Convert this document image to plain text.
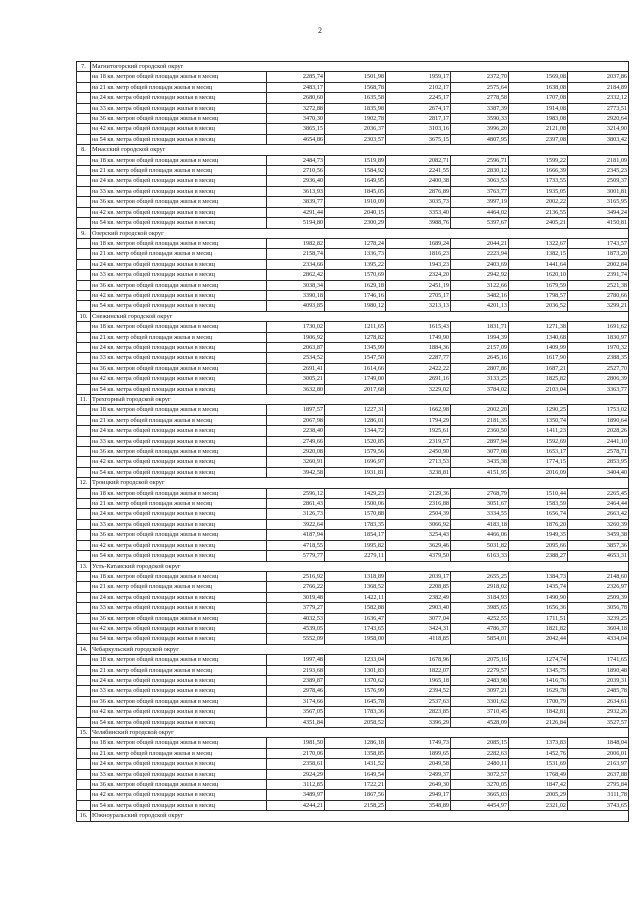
2
7.	Магнитогорский городской округ						
	на 18 кв. метров общей площади жилья в месяц	2285,74	1501,98	1959,17	2372,70	1569,08	2037,86
	на 21 кв. метр общей площади жилья в месяц	2483,17	1568,78	2102,17	2575,64	1638,08	2184,89
	на 24 кв. метра общей площади жилья в месяц	2680,60	1635,58	2245,17	2778,58	1707,08	2332,12
	на 33 кв. метра общей площади жилья в месяц	3272,88	1835,98	2674,17	3387,39	1914,08	2773,51
	на 36 кв. метров общей площади жилья в месяц	3470,30	1902,78	2817,17	3590,33	1983,08	2920,64
	на 42 кв. метра общей площади жилья в месяц	3865,15	2036,37	3103,16	3996,20	2121,08	3214,90
	на 54 кв. метра общей площади жилья в месяц	4654,86	2303,57	3675,15	4807,95	2397,08	3803,42
8.	Миасский городской округ						
	на 18 кв. метров общей площади жилья в месяц	2484,73	1519,89	2082,71	2596,71	1599,22	2181,09
	на 21 кв. метр общей площади жилья в месяц	2710,56	1584,92	2241,55	2830,12	1666,39	2345,23
	на 24 кв. метра общей площади жилья в месяц	2936,40	1649,95	2400,38	3063,53	1733,55	2509,37
	на 33 кв. метра общей площади жилья в месяц	3613,93	1845,05	2876,89	3763,77	1935,05	3001,81
	на 36 кв. метров общей площади жилья в месяц	3839,77	1910,09	3035,73	3997,19	2002,22	3165,95
	на 42 кв. метра общей площади жилья в месяц	4291,44	2040,15	3353,40	4464,02	2136,55	3494,24
	на 54 кв. метра общей площади жилья в месяц	5194,80	2300,29	3988,76	5397,67	2405,21	4150,81
9.	Озерский городской округ						
	на 18 кв. метров общей площади жилья в месяц	1982,82	1278,24	1689,24	2044,21	1322,67	1743,57
	на 21 кв. метр общей площади жилья в месяц	2158,74	1336,73	1816,23	2223,94	1382,15	1873,20
	на 24 кв. метра общей площади жилья в месяц	2334,66	1395,22	1943,23	2403,69	1441,64	2002,84
	на 33 кв. метра общей площади жилья в месяц	2862,42	1570,69	2324,20	2942,92	1620,10	2391,74
	на 36 кв. метров общей площади жилья в месяц	3038,34	1629,18	2451,19	3122,66	1679,59	2521,38
	на 42 кв. метра общей площади жилья в месяц	3390,18	1746,16	2705,17	3482,16	1798,57	2780,66
	на 54 кв. метра общей площади жилья в месяц	4093,85	1980,12	3213,13	4201,13	2036,52	3299,21
10.	Снежинский городской округ						
	на 18 кв. метров общей площади жилья в месяц	1730,02	1211,65	1615,43	1831,71	1271,38	1691,62
	на 21 кв. метр общей площади жилья в месяц	1906,92	1278,82	1749,90	1994,39	1340,68	1830,97
	на 24 кв. метра общей площади жилья в месяц	2063,87	1345,99	1884,36	2157,09	1409,99	1970,32
	на 33 кв. метра общей площади жилья в месяц	2534,52	1547,50	2287,77	2645,16	1617,90	2388,35
	на 36 кв. метров общей площади жилья в месяц	2691,41	1614,66	2422,22	2807,86	1687,21	2527,70
	на 42 кв. метра общей площади жилья в месяц	3005,21	1749,00	2691,16	3133,25	1825,82	2806,39
	на 54 кв. метра общей площади жилья в месяц	3632,80	2017,68	3229,02	3784,02	2103,04	3363,77
11.	Трехгорный городской округ						
	на 18 кв. метров общей площади жилья в месяц	1897,57	1227,31	1662,98	2002,20	1290,25	1753,02
	на 21 кв. метр общей площади жилья в месяц	2067,98	1286,01	1794,29	2181,35	1350,74	1890,64
	на 24 кв. метра общей площади жилья в месяц	2238,40	1344,72	1925,61	2360,50	1411,23	2028,26
	на 33 кв. метра общей площади жилья в месяц	2749,66	1520,85	2319,57	2897,94	1592,69	2441,10
	на 36 кв. метров общей площади жилья в месяц	2920,08	1579,56	2450,90	3077,08	1653,17	2578,71
	на 42 кв. метра общей площади жилья в месяц	3260,91	1696,97	2713,53	3435,38	1774,15	2853,95
	на 54 кв. метра общей площади жилья в месяц	3942,58	1931,81	3238,81	4151,95	2016,09	3404,40
12.	Троицкий городской округ						
	на 18 кв. метров общей площади жилья в месяц	2596,12	1429,23	2129,36	2768,79	1510,44	2265,45
	на 21 кв. метр общей площади жилья в месяц	2861,43	1500,06	2316,88	3051,67	1583,59	2464,44
	на 24 кв. метра общей площади жилья в месяц	3126,73	1570,88	2504,39	3334,55	1656,74	2663,42
	на 33 кв. метра общей площади жилья в месяц	3922,64	1783,35	3066,92	4183,18	1876,20	3260,39
	на 36 кв. метров общей площади жилья в месяц	4187,94	1854,17	3254,43	4466,06	1949,35	3459,38
	на 42 кв. метра общей площади жилья в месяц	4718,55	1995,82	3629,46	5031,82	2095,66	3857,36
	на 54 кв. метра общей площади жилья в месяц	5779,77	2279,11	4379,50	6163,33	2388,27	4653,31
13.	Усть-Катавский городской округ						
	на 18 кв. метров общей площади жилья в месяц	2516,92	1318,89	2039,17	2655,25	1384,73	2148,60
	на 21 кв. метр общей площади жилья в месяц	2766,22	1368,52	2208,85	2918,02	1435,74	2326,97
	на 24 кв. метра общей площади жилья в месяц	3019,48	1422,11	2382,49	3184,93	1490,90	2509,39
	на 33 кв. метра общей площади жилья в месяц	3779,27	1582,88	2903,40	3985,65	1656,36	3056,78
	на 36 кв. метров общей площади жилья в месяц	4032,53	1636,47	3077,04	4252,55	1711,51	3239,25
	на 42 кв. метра общей площади жилья в месяц	4539,05	1743,65	3424,31	4786,37	1821,82	3604,18
	на 54 кв. метра общей площади жилья в месяц	5552,09	1958,00	4118,85	5854,01	2042,44	4334,04
14.	Чебаркульский городской округ						
	на 18 кв. метров общей площади жилья в месяц	1997,48	1233,04	1678,96	2075,16	1274,74	1741,65
	на 21 кв. метр общей площади жилья в месяц	2193,68	1301,83	1822,07	2279,57	1345,75	1890,48
	на 24 кв. метра общей площади жилья в месяц	2389,87	1370,62	1965,18	2483,98	1416,76	2039,31
	на 33 кв. метра общей площади жилья в месяц	2978,46	1576,99	2394,52	3097,21	1629,78	2485,78
	на 36 кв. метров общей площади жилья в месяц	3174,66	1645,78	2537,63	3301,62	1700,79	2634,61
	на 42 кв. метра общей площади жилья в месяц	3567,05	1783,36	2823,85	3710,45	1842,81	2932,26
	на 54 кв. метра общей площади жилья в месяц	4351,84	2058,52	3396,29	4528,09	2126,84	3527,57
15.	Челябинский городской округ						
	на 18 кв. метров общей площади жилья в месяц	1981,50	1286,18	1749,73	2085,15	1373,83	1848,04
	на 21 кв. метр общей площади жилья в месяц	2170,06	1358,85	1899,65	2282,63	1452,76	2006,01
	на 24 кв. метра общей площади жилья в месяц	2358,61	1431,52	2049,58	2480,11	1531,69	2163,97
	на 33 кв. метра общей площади жилья в месяц	2924,29	1649,54	2499,37	3072,57	1768,49	2637,88
	на 36 кв. метров общей площади жилья в месяц	3112,85	1722,21	2649,30	3270,05	1847,42	2795,84
	на 42 кв. метра общей площади жилья в месяц	3489,97	1867,56	2949,17	3665,03	2005,29	3111,78
	на 54 кв. метра общей площади жилья в месяц	4244,21	2158,25	3548,89	4454,97	2321,02	3743,65
16.	Южноуральский городской округ						
